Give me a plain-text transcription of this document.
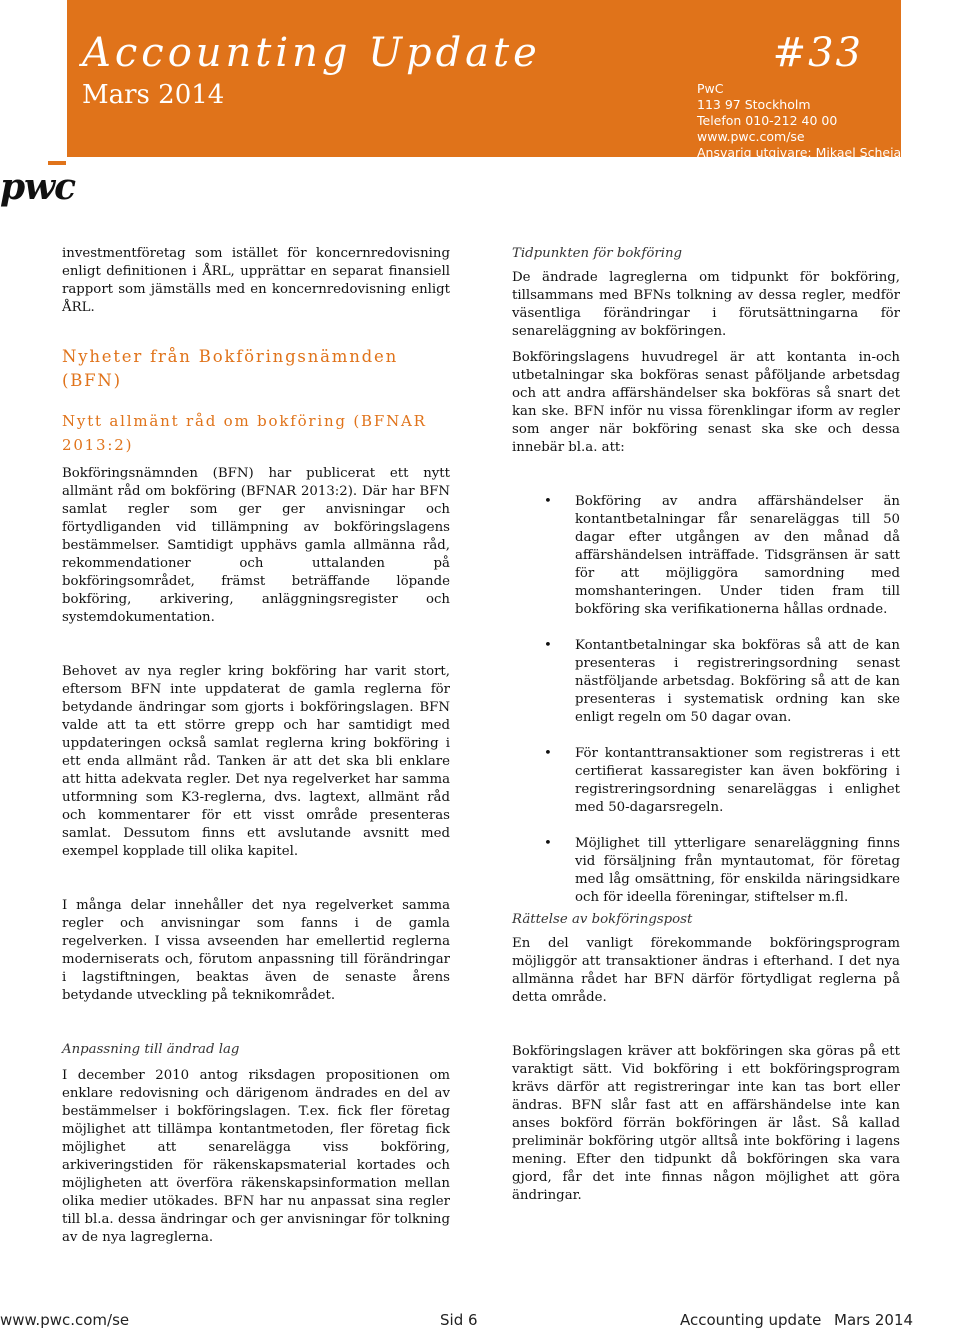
Accounting Update	#33
Mars 2014	PwC
113 97 Stockholm
Telefon 010-212 40 00
www.pwc.com/se
Ansvarig utgivare: Mikael Scheja
pwc

investmentföretag som istället för koncernredovisning enligt definitionen i ÅRL, upprättar en separat finansiell rapport som jämställs med en koncernredovisning enligt ÅRL.

Nyheter från Bokföringsnämnden (BFN)
Nytt allmänt råd om bokföring (BFNAR 2013:2)

Bokföringsnämnden (BFN) har publicerat ett nytt allmänt råd om bokföring (BFNAR 2013:2). Där har BFN samlat regler som ger ger anvisningar och förtydliganden vid tillämpning av bokföringslagens bestämmelser. Samtidigt upphävs gamla allmänna råd, rekommendationer och uttalanden på bokföringsområdet, främst beträffande löpande bokföring, arkivering, anläggningsregister och systemdokumentation.

Behovet av nya regler kring bokföring har varit stort, eftersom BFN inte uppdaterat de gamla reglerna för betydande ändringar som gjorts i bokföringslagen. BFN valde att ta ett större grepp och har samtidigt med uppdateringen också samlat reglerna kring bokföring i ett enda allmänt råd. Tanken är att det ska bli enklare att hitta adekvata regler. Det nya regelverket har samma utformning som K3-reglerna, dvs. lagtext, allmänt råd och kommentarer för ett visst område presenteras samlat. Dessutom finns ett avslutande avsnitt med exempel kopplade till olika kapitel.

I många delar innehåller det nya regelverket samma regler och anvisningar som fanns i de gamla regelverken. I vissa avseenden har emellertid reglerna moderniserats och, förutom anpassning till förändringar i lagstiftningen, beaktas även de senaste årens betydande utveckling på teknikområdet.

Anpassning till ändrad lag

I december 2010 antog riksdagen propositionen om enklare redovisning och därigenom ändrades en del av bestämmelser i bokföringslagen. T.ex. fick fler företag möjlighet att tillämpa kontantmetoden, fler företag fick möjlighet att senarelägga viss bokföring, arkiveringstiden för räkenskapsmaterial kortades och möjligheten att överföra räkenskapsinformation mellan olika medier utökades. BFN har nu anpassat sina regler till bl.a. dessa ändringar och ger anvisningar för tolkning av de nya lagreglerna.

Tidpunkten för bokföring

De ändrade lagreglerna om tidpunkt för bokföring, tillsammans med BFNs tolkning av dessa regler, medför väsentliga förändringar i förutsättningarna för senareläggning av bokföringen.

Bokföringslagens huvudregel är att kontanta in-och utbetalningar ska bokföras senast påföljande arbetsdag och att andra affärshändelser ska bokföras så snart det kan ske. BFN inför nu vissa förenklingar iform av regler som anger när bokföring senast ska ske och dessa innebär bl.a. att:

• Bokföring av andra affärshändelser än kontantbetalningar får senareläggas till 50 dagar efter utgången av den månad då affärshändelsen inträffade. Tidsgränsen är satt för att möjliggöra samordning med momshanteringen. Under tiden fram till bokföring ska verifikationerna hållas ordnade.
• Kontantbetalningar ska bokföras så att de kan presenteras i registreringsordning senast nästföljande arbetsdag. Bokföring så att de kan presenteras i systematisk ordning kan ske enligt regeln om 50 dagar ovan.
• För kontanttransaktioner som registreras i ett certifierat kassaregister kan även bokföring i registreringsordning senareläggas i enlighet med 50-dagarsregeln.
• Möjlighet till ytterligare senareläggning finns vid försäljning från myntautomat, för företag med låg omsättning, för enskilda näringsidkare och för ideella föreningar, stiftelser m.fl.
Rättelse av bokföringspost

En del vanligt förekommande bokföringsprogram möjliggör att transaktioner ändras i efterhand. I det nya allmänna rådet har BFN därför förtydligat reglerna på detta område.

Bokföringslagen kräver att bokföringen ska göras på ett varaktigt sätt. Vid bokföring i ett bokföringsprogram krävs därför att registreringar inte kan tas bort eller ändras. BFN slår fast att en affärshändelse inte kan anses bokförd förrän bokföringen är låst. Så kallad preliminär bokföring utgör alltså inte bokföring i lagens mening. Efter den tidpunkt då bokföringen ska vara gjord, får det inte finnas någon möjlighet att göra ändringar.

www.pwc.com/se	Sid 6	Accounting update Mars 2014
